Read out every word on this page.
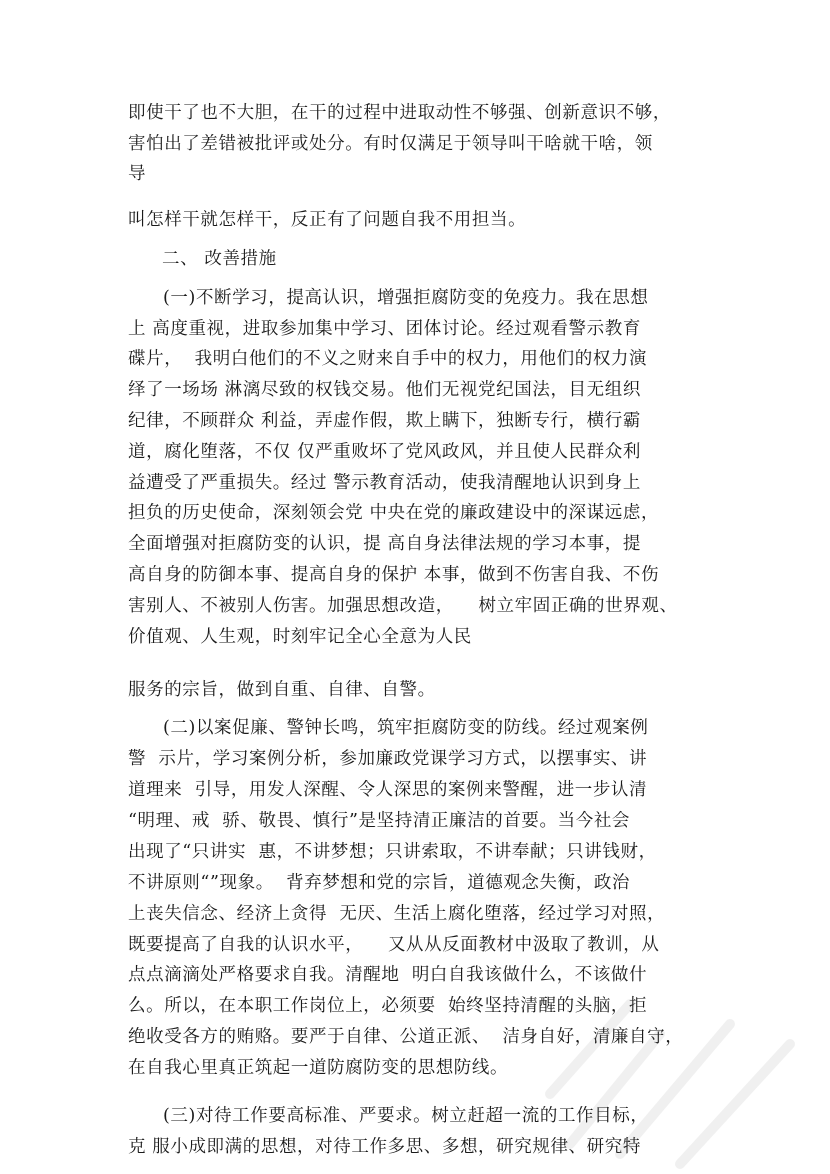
即使干了也不大胆，在干的过程中进取动性不够强、创新意识不够，
害怕出了差错被批评或处分。有时仅满足于领导叫干啥就干啥，领
导
叫怎样干就怎样干，反正有了问题自我不用担当。
二、 改善措施
(一)不断学习，提高认识，增强拒腐防变的免疫力。我在思想
上 高度重视，进取参加集中学习、团体讨论。经过观看警示教育
碟片，  我明白他们的不义之财来自手中的权力，用他们的权力演
绎了一场场 淋漓尽致的权钱交易。他们无视党纪国法，目无组织
纪律，不顾群众 利益，弄虚作假，欺上瞒下，独断专行，横行霸
道，腐化堕落，不仅 仅严重败坏了党风政风，并且使人民群众利
益遭受了严重损失。经过 警示教育活动，使我清醒地认识到身上
担负的历史使命，深刻领会党 中央在党的廉政建设中的深谋远虑，
全面增强对拒腐防变的认识，提 高自身法律法规的学习本事，提
高自身的防御本事、提高自身的保护 本事，做到不伤害自我、不伤
害别人、不被别人伤害。加强思想改造，    树立牢固正确的世界观、
价值观、人生观，时刻牢记全心全意为人民
服务的宗旨，做到自重、自律、自警。
(二)以案促廉、警钟长鸣，筑牢拒腐防变的防线。经过观案例
警  示片，学习案例分析，参加廉政党课学习方式，以摆事实、讲
道理来  引导，用发人深醒、令人深思的案例来警醒，进一步认清
“明理、戒  骄、敬畏、慎行”是坚持清正廉洁的首要。当今社会
出现了“只讲实  惠，不讲梦想；只讲索取，不讲奉献；只讲钱财，
不讲原则“”现象。  背弃梦想和党的宗旨，道德观念失衡，政治
上丧失信念、经济上贪得  无厌、生活上腐化堕落，经过学习对照，
既要提高了自我的认识水平，    又从从反面教材中汲取了教训，从
点点滴滴处严格要求自我。清醒地  明白自我该做什么，不该做什
么。所以，在本职工作岗位上，必须要  始终坚持清醒的头脑，拒
绝收受各方的贿赂。要严于自律、公道正派、  洁身自好，清廉自守，
在自我心里真正筑起一道防腐防变的思想防线。
(三)对待工作要高标准、严要求。树立赶超一流的工作目标，
克 服小成即满的思想，对待工作多思、多想，研究规律、研究特
